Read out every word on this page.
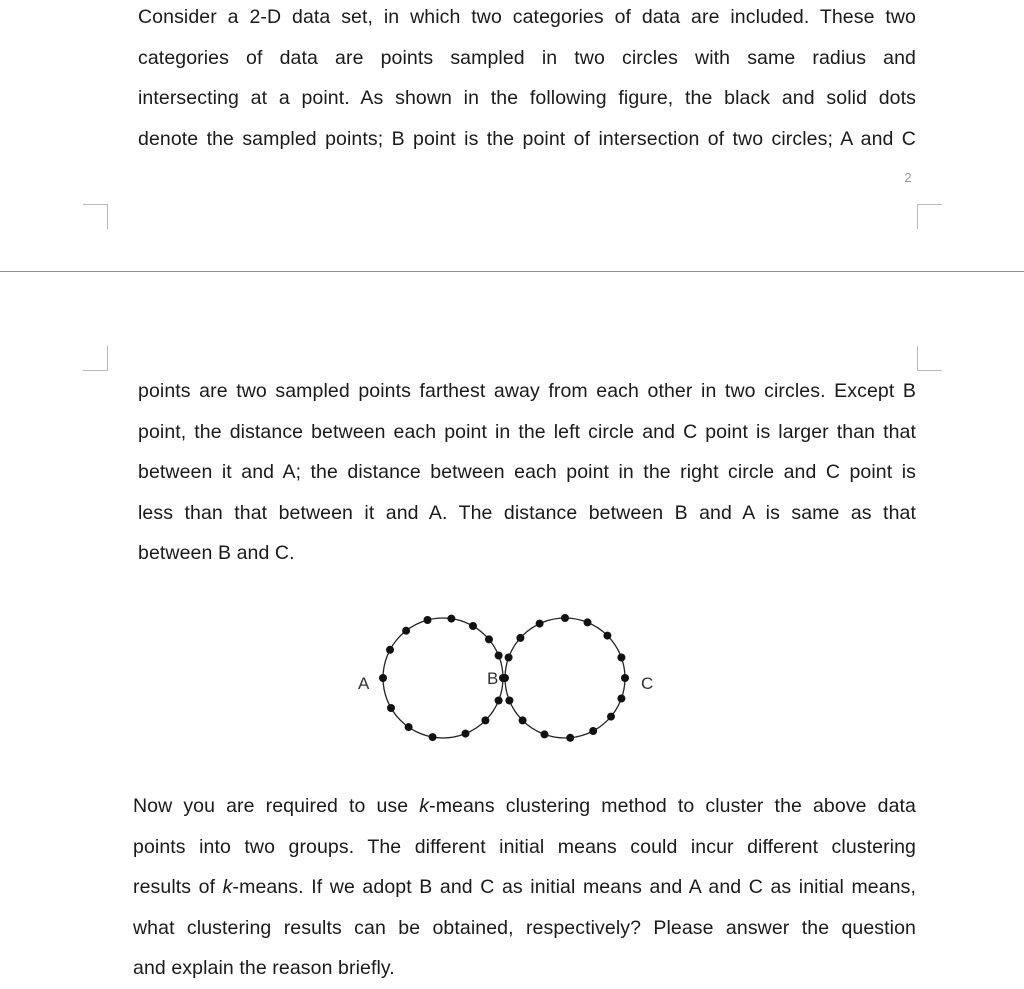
Consider a 2-D data set, in which two categories of data are included. These two
categories of data are points sampled in two circles with same radius and
intersecting at a point. As shown in the following figure, the black and solid dots
denote the sampled points; B point is the point of intersection of two circles; A and C
2
points are two sampled points farthest away from each other in two circles. Except B
point, the distance between each point in the left circle and C point is larger than that
between it and A; the distance between each point in the right circle and C point is
less than that between it and A. The distance between B and A is same as that
between B and C.
A	B	C
Now you are required to use k-means clustering method to cluster the above data
points into two groups. The different initial means could incur different clustering
results of k-means. If we adopt B and C as initial means and A and C as initial means,
what clustering results can be obtained, respectively? Please answer the question
and explain the reason briefly.
